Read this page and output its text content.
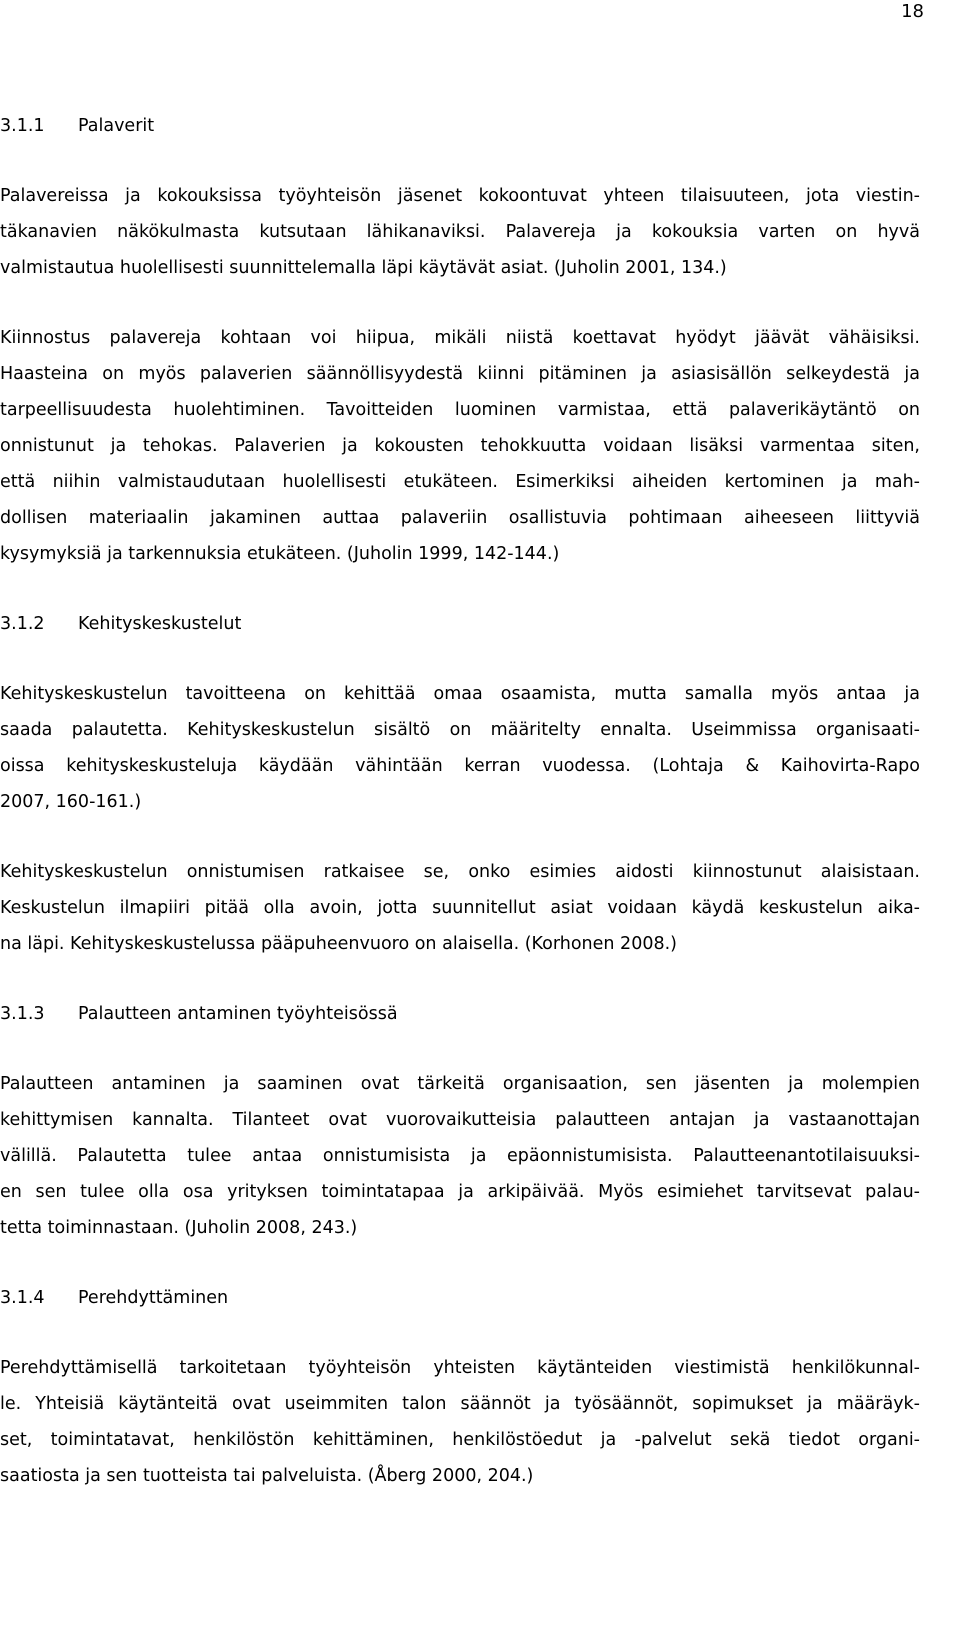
18
3.1.1	Palaverit

Palavereissa ja kokouksissa työyhteisön jäsenet kokoontuvat yhteen tilaisuuteen, jota viestin-
täkanavien näkökulmasta kutsutaan lähikanaviksi. Palavereja ja kokouksia varten on hyvä
valmistautua huolellisesti suunnittelemalla läpi käytävät asiat. (Juholin 2001, 134.)

Kiinnostus palavereja kohtaan voi hiipua, mikäli niistä koettavat hyödyt jäävät vähäisiksi.
Haasteina on myös palaverien säännöllisyydestä kiinni pitäminen ja asiasisällön selkeydestä ja
tarpeellisuudesta huolehtiminen. Tavoitteiden luominen varmistaa, että palaverikäytäntö on
onnistunut ja tehokas. Palaverien ja kokousten tehokkuutta voidaan lisäksi varmentaa siten,
että niihin valmistaudutaan huolellisesti etukäteen. Esimerkiksi aiheiden kertominen ja mah-
dollisen materiaalin jakaminen auttaa palaveriin osallistuvia pohtimaan aiheeseen liittyviä
kysymyksiä ja tarkennuksia etukäteen. (Juholin 1999, 142-144.)

3.1.2	Kehityskeskustelut

Kehityskeskustelun tavoitteena on kehittää omaa osaamista, mutta samalla myös antaa ja
saada palautetta. Kehityskeskustelun sisältö on määritelty ennalta. Useimmissa organisaati-
oissa kehityskeskusteluja käydään vähintään kerran vuodessa. (Lohtaja & Kaihovirta-Rapo
2007, 160-161.)

Kehityskeskustelun onnistumisen ratkaisee se, onko esimies aidosti kiinnostunut alaisistaan.
Keskustelun ilmapiiri pitää olla avoin, jotta suunnitellut asiat voidaan käydä keskustelun aika-
na läpi. Kehityskeskustelussa pääpuheenvuoro on alaisella. (Korhonen 2008.)

3.1.3	Palautteen antaminen työyhteisössä

Palautteen antaminen ja saaminen ovat tärkeitä organisaation, sen jäsenten ja molempien
kehittymisen kannalta. Tilanteet ovat vuorovaikutteisia palautteen antajan ja vastaanottajan
välillä. Palautetta tulee antaa onnistumisista ja epäonnistumisista. Palautteenantotilaisuuksi-
en sen tulee olla osa yrityksen toimintatapaa ja arkipäivää. Myös esimiehet tarvitsevat palau-
tetta toiminnastaan. (Juholin 2008, 243.)

3.1.4	Perehdyttäminen

Perehdyttämisellä tarkoitetaan työyhteisön yhteisten käytänteiden viestimistä henkilökunnal-
le. Yhteisiä käytänteitä ovat useimmiten talon säännöt ja työsäännöt, sopimukset ja määräyk-
set, toimintatavat, henkilöstön kehittäminen, henkilöstöedut ja -palvelut sekä tiedot organi-
saatiosta ja sen tuotteista tai palveluista. (Åberg 2000, 204.)
